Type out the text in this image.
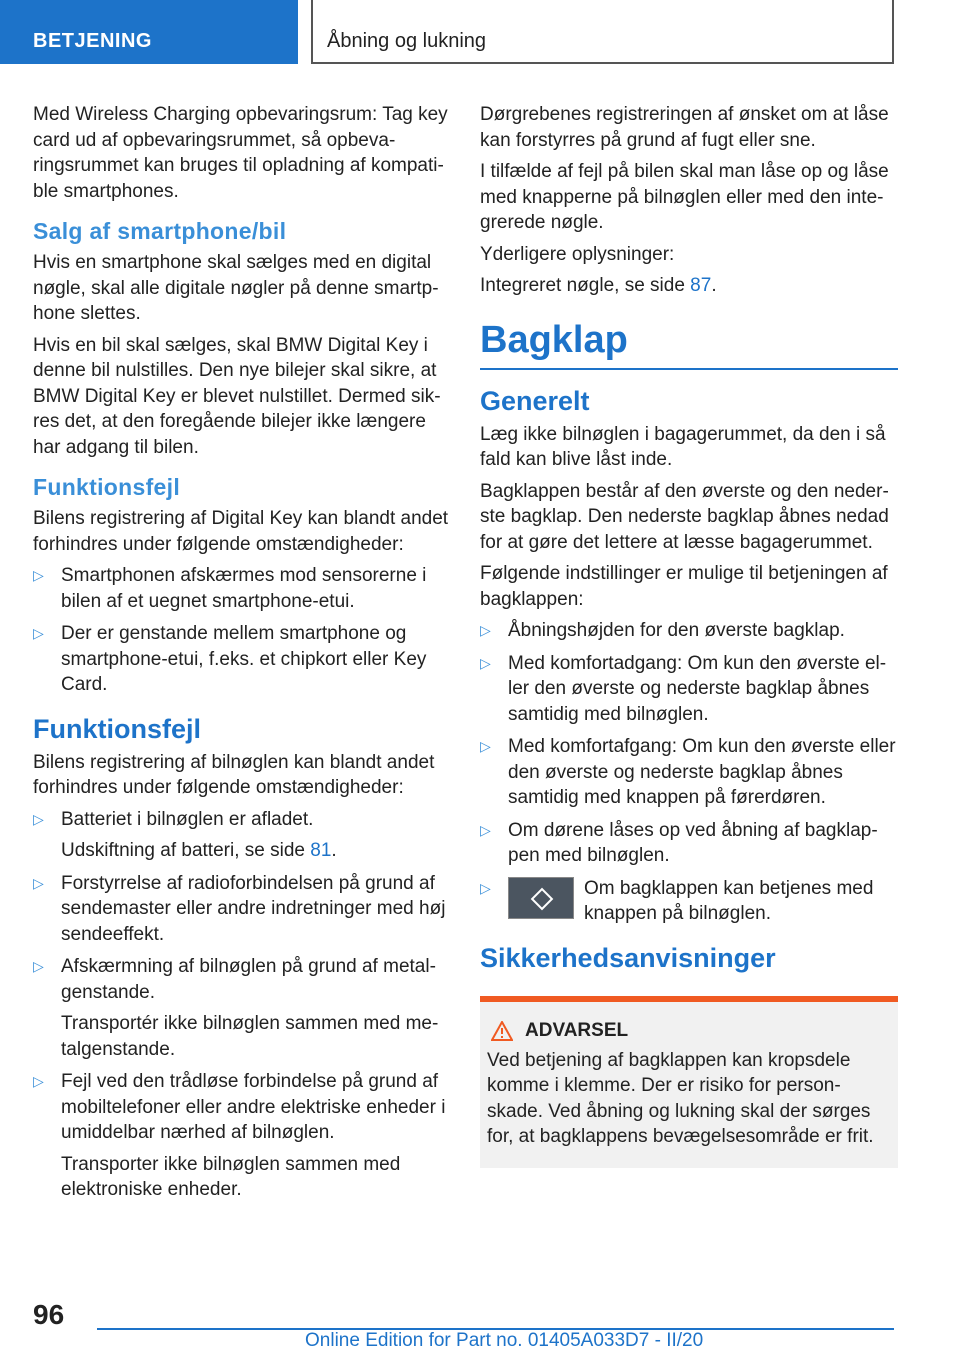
BETJENING	Åbning og lukning

Med Wireless Charging opbevaringsrum: Tag key card ud af opbevaringsrummet, så opbevaringsrummet kan bruges til opladning af kompatible smartphones.

Salg af smartphone/bil

Hvis en smartphone skal sælges med en digital nøgle, skal alle digitale nøgler på denne smartphone slettes.

Hvis en bil skal sælges, skal BMW Digital Key i denne bil nulstilles. Den nye bilejer skal sikre, at BMW Digital Key er blevet nulstillet. Dermed sikres det, at den foregående bilejer ikke længere har adgang til bilen.

Funktionsfejl

Bilens registrering af Digital Key kan blandt andet forhindres under følgende omstændigheder:

▷ Smartphonen afskærmes mod sensorerne i bilen af et uegnet smartphone-etui.
▷ Der er genstande mellem smartphone og smartphone-etui, f.eks. et chipkort eller Key Card.
Funktionsfejl

Bilens registrering af bilnøglen kan blandt andet forhindres under følgende omstændigheder:

▷ Batteriet i bilnøglen er afladet.
Udskiftning af batteri, se side 81.
▷ Forstyrrelse af radioforbindelsen på grund af sendemaster eller andre indretninger med høj sendeeffekt.
▷ Afskærmning af bilnøglen på grund af metalgenstande.
Transportér ikke bilnøglen sammen med metalgenstande.
▷ Fejl ved den trådløse forbindelse på grund af mobiltelefoner eller andre elektriske enheder i umiddelbar nærhed af bilnøglen.
Transporter ikke bilnøglen sammen med elektroniske enheder.

Dørgrebenes registreringen af ønsket om at låse kan forstyrres på grund af fugt eller sne.

I tilfælde af fejl på bilen skal man låse op og låse med knapperne på bilnøglen eller med den integrerede nøgle.

Yderligere oplysninger:

Integreret nøgle, se side 87.

Bagklap
Generelt

Læg ikke bilnøglen i bagagerummet, da den i så fald kan blive låst inde.

Bagklappen består af den øverste og den nederste bagklap. Den nederste bagklap åbnes nedad for at gøre det lettere at læsse bagagerummet.

Følgende indstillinger er mulige til betjeningen af bagklappen:

▷ Åbningshøjden for den øverste bagklap.
▷ Med komfortadgang: Om kun den øverste eller den øverste og nederste bagklap åbnes samtidig med bilnøglen.
▷ Med komfortafgang: Om kun den øverste eller den øverste og nederste bagklap åbnes samtidig med knappen på førerdøren.
▷ Om dørene låses op ved åbning af bagklappen med bilnøglen.
▷	Om bagklappen kan betjenes med knappen på bilnøglen.
Sikkerhedsanvisninger
ADVARSEL

Ved betjening af bagklappen kan kropsdele komme i klemme. Der er risiko for personskade. Ved åbning og lukning skal der sørges for, at bagklappens bevægelsesområde er frit.

96
Online Edition for Part no. 01405A033D7 - II/20
